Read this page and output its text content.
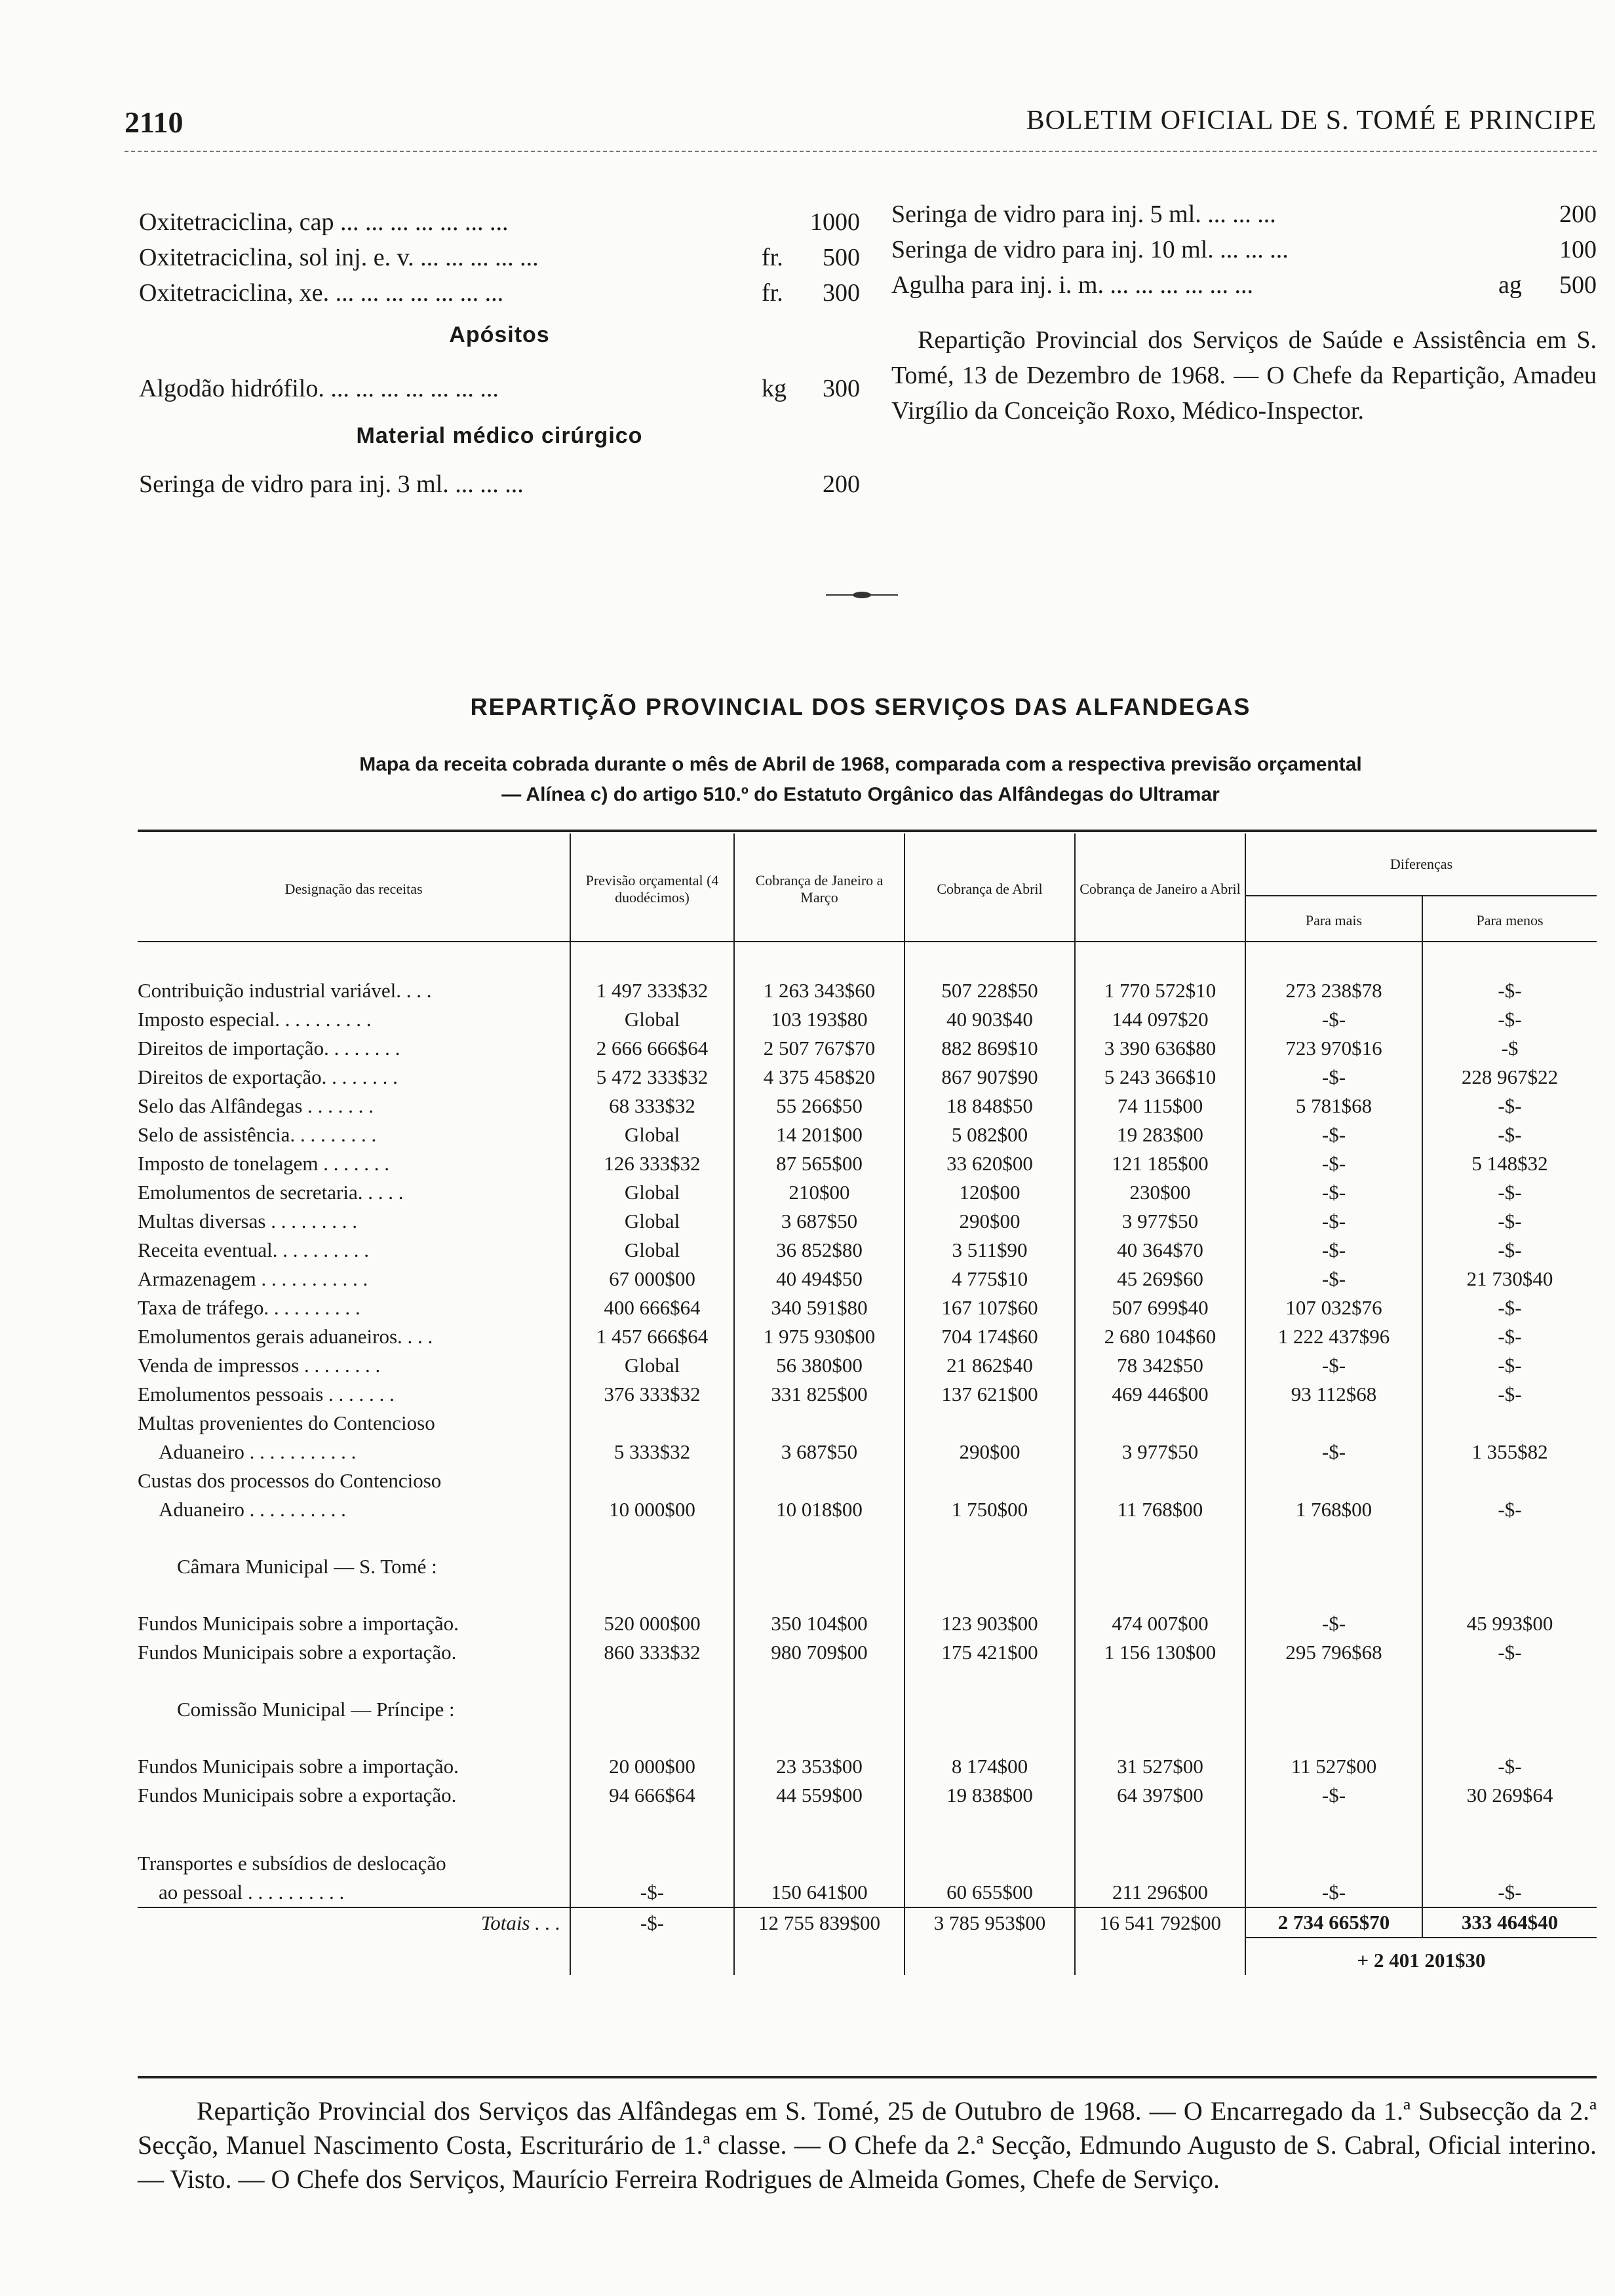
2110	BOLETIM OFICIAL DE S. TOMÉ E PRINCIPE
Oxitetraciclina, cap ... ... ... ... ... ... ...	1000
Oxitetraciclina, sol inj. e. v. ... ... ... ... ...	fr.	500
Oxitetraciclina, xe. ... ... ... ... ... ... ...	fr.	300
Apósitos
Algodão hidrófilo. ... ... ... ... ... ... ...	kg	300
Material médico cirúrgico
Seringa de vidro para inj. 3 ml. ... ... ...	200
Seringa de vidro para inj. 5 ml. ... ... ...	200
Seringa de vidro para inj. 10 ml. ... ... ...	100
Agulha para inj. i. m. ... ... ... ... ... ...	ag	500
Repartição Provincial dos Serviços de Saúde e Assistência em S. Tomé, 13 de Dezembro de 1968. — O Chefe da Repartição, Amadeu Virgílio da Conceição Roxo, Médico-Inspector.
REPARTIÇÃO PROVINCIAL DOS SERVIÇOS DAS ALFANDEGAS
Mapa da receita cobrada durante o mês de Abril de 1968, comparada com a respectiva previsão orçamental
— Alínea c) do artigo 510.º do Estatuto Orgânico das Alfândegas do Ultramar
Designação das receitas	Previsão orçamental (4 duodécimos)	Cobrança de Janeiro a Março	Cobrança de Abril	Cobrança de Janeiro a Abril	Diferenças	
					Para mais	Para menos

Contribuição industrial variável. . . .	1 497 333$32	1 263 343$60	507 228$50	1 770 572$10	273 238$78	-$-
Imposto especial. . . . . . . . . .	Global	103 193$80	40 903$40	144 097$20	-$-	-$-
Direitos de importação. . . . . . . .	2 666 666$64	2 507 767$70	882 869$10	3 390 636$80	723 970$16	-$
Direitos de exportação. . . . . . . .	5 472 333$32	4 375 458$20	867 907$90	5 243 366$10	-$-	228 967$22
Selo das Alfândegas . . . . . . .	68 333$32	55 266$50	18 848$50	74 115$00	5 781$68	-$-
Selo de assistência. . . . . . . . .	Global	14 201$00	5 082$00	19 283$00	-$-	-$-
Imposto de tonelagem . . . . . . .	126 333$32	87 565$00	33 620$00	121 185$00	-$-	5 148$32
Emolumentos de secretaria. . . . .	Global	210$00	120$00	230$00	-$-	-$-
Multas diversas . . . . . . . . .	Global	3 687$50	290$00	3 977$50	-$-	-$-
Receita eventual. . . . . . . . . .	Global	36 852$80	3 511$90	40 364$70	-$-	-$-
Armazenagem . . . . . . . . . . .	67 000$00	40 494$50	4 775$10	45 269$60	-$-	21 730$40
Taxa de tráfego. . . . . . . . . .	400 666$64	340 591$80	167 107$60	507 699$40	107 032$76	-$-
Emolumentos gerais aduaneiros. . . .	1 457 666$64	1 975 930$00	704 174$60	2 680 104$60	1 222 437$96	-$-
Venda de impressos . . . . . . . .	Global	56 380$00	21 862$40	78 342$50	-$-	-$-
Emolumentos pessoais . . . . . . .	376 333$32	331 825$00	137 621$00	469 446$00	93 112$68	-$-
Multas provenientes do Contencioso						
Aduaneiro . . . . . . . . . . .	5 333$32	3 687$50	290$00	3 977$50	-$-	1 355$82
Custas dos processos do Contencioso						
Aduaneiro . . . . . . . . . .	10 000$00	10 018$00	1 750$00	11 768$00	1 768$00	-$-
Câmara Municipal — S. Tomé :						
Fundos Municipais sobre a importação.	520 000$00	350 104$00	123 903$00	474 007$00	-$-	45 993$00
Fundos Municipais sobre a exportação.	860 333$32	980 709$00	175 421$00	1 156 130$00	295 796$68	-$-
Comissão Municipal — Príncipe :						
Fundos Municipais sobre a importação.	20 000$00	23 353$00	8 174$00	31 527$00	11 527$00	-$-
Fundos Municipais sobre a exportação.	94 666$64	44 559$00	19 838$00	64 397$00	-$-	30 269$64

Transportes e subsídios de deslocação						
ao pessoal . . . . . . . . . .	-$-	150 641$00	60 655$00	211 296$00	-$-	-$-
Totais . . .	-$-	12 755 839$00	3 785 953$00	16 541 792$00	2 734 665$70	333 464$40
					+ 2 401 201$30	
Repartição Provincial dos Serviços das Alfândegas em S. Tomé, 25 de Outubro de 1968. — O Encarregado da 1.ª Subsecção da 2.ª Secção, Manuel Nascimento Costa, Escriturário de 1.ª classe. — O Chefe da 2.ª Secção, Edmundo Augusto de S. Cabral, Oficial interino. — Visto. — O Chefe dos Serviços, Maurício Ferreira Rodrigues de Almeida Gomes, Chefe de Serviço.
